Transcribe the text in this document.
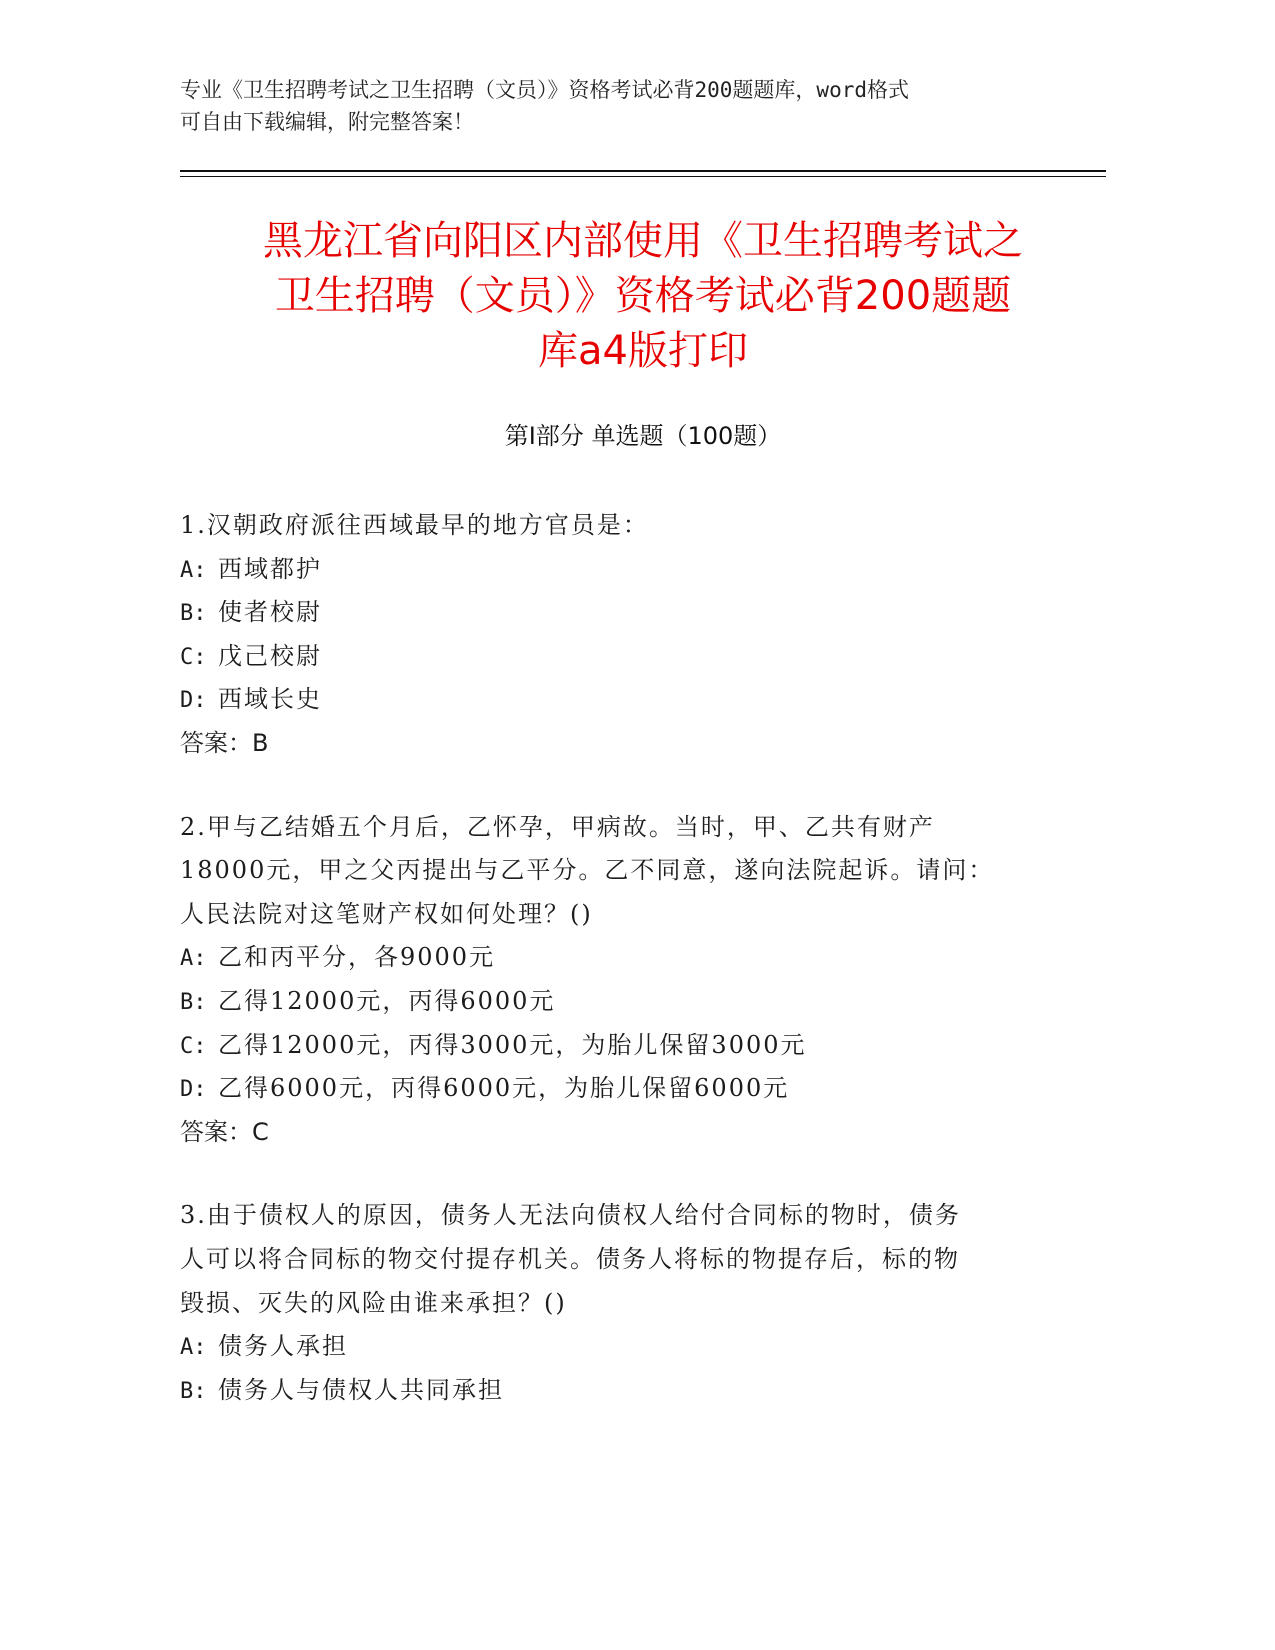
专业《卫生招聘考试之卫生招聘（文员）》资格考试必背200题题库，word格式
可自由下载编辑，附完整答案！
黑龙江省向阳区内部使用《卫生招聘考试之
卫生招聘（文员）》资格考试必背200题题
库a4版打印
第Ⅰ部分 单选题（100题）
1.汉朝政府派往西域最早的地方官员是：
A: 西域都护
B: 使者校尉
C: 戊己校尉
D: 西域长史
答案：B
2.甲与乙结婚五个月后，乙怀孕，甲病故。当时，甲、乙共有财产
18000元，甲之父丙提出与乙平分。乙不同意，遂向法院起诉。请问：
人民法院对这笔财产权如何处理？()
A: 乙和丙平分，各9000元
B: 乙得12000元，丙得6000元
C: 乙得12000元，丙得3000元，为胎儿保留3000元
D: 乙得6000元，丙得6000元，为胎儿保留6000元
答案：C
3.由于债权人的原因，债务人无法向债权人给付合同标的物时，债务
人可以将合同标的物交付提存机关。债务人将标的物提存后，标的物
毁损、灭失的风险由谁来承担？()
A: 债务人承担
B: 债务人与债权人共同承担
